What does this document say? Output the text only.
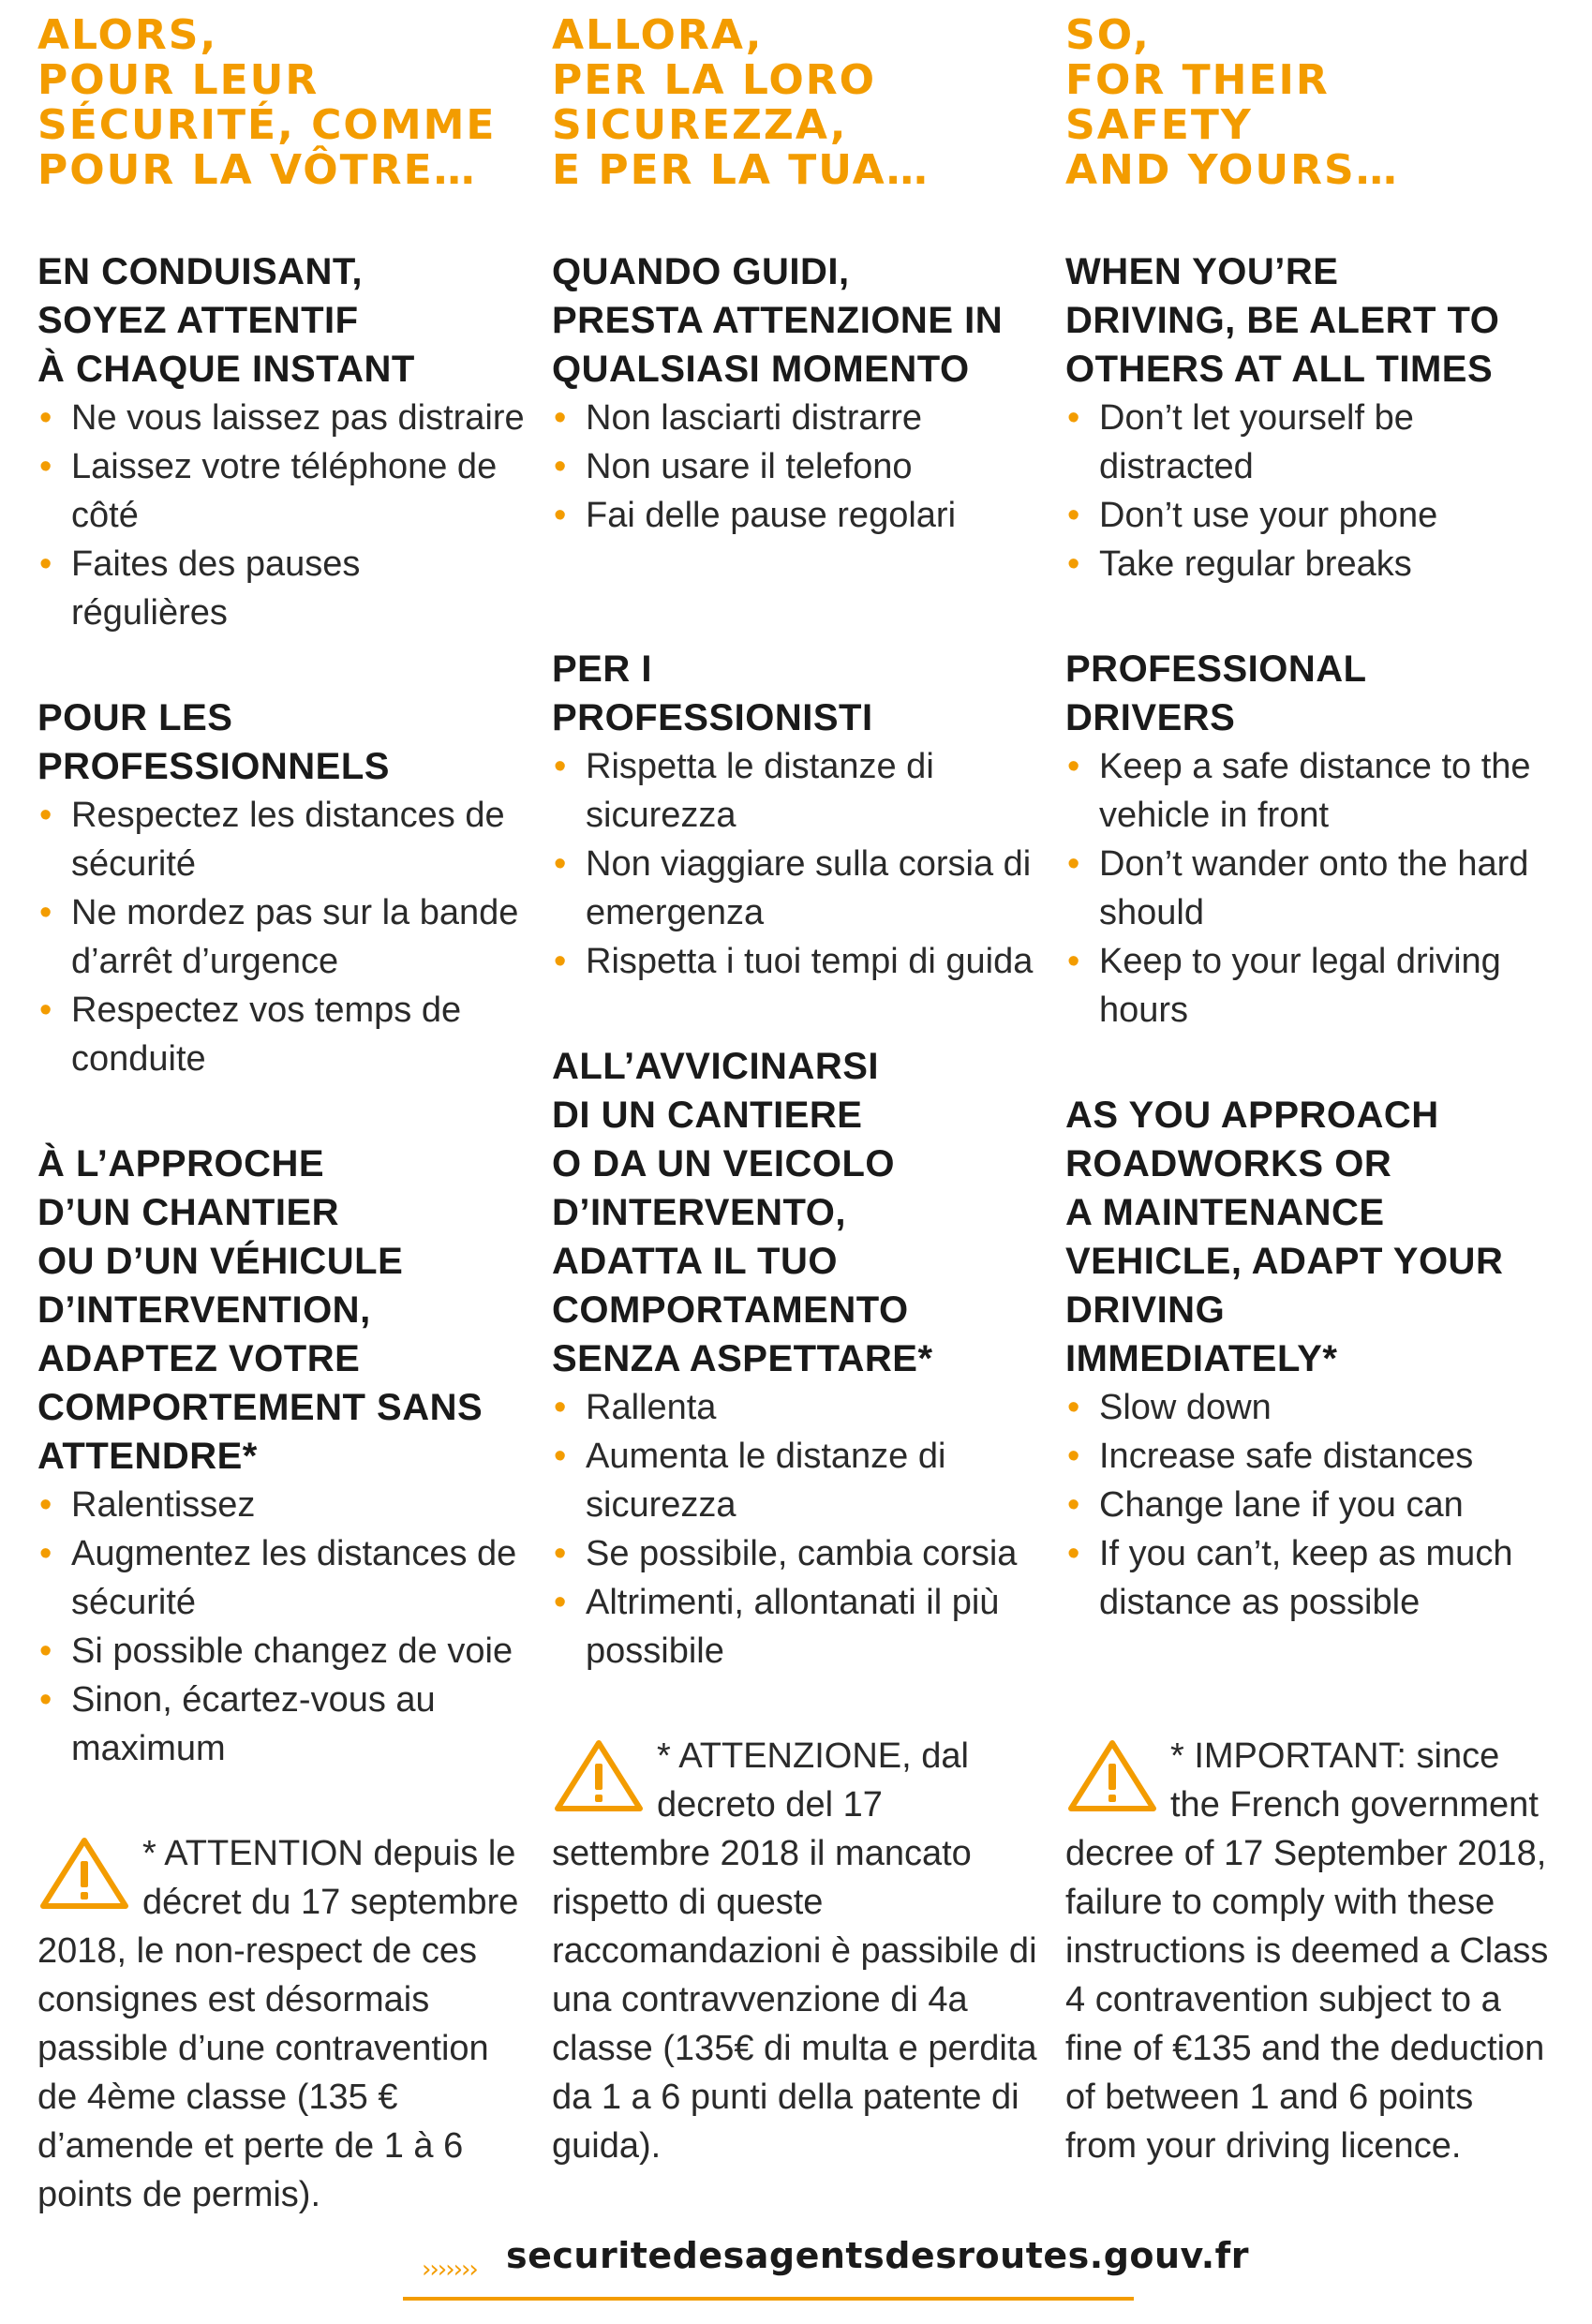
ALORS,
POUR LEUR
SÉCURITÉ, COMME
POUR LA VÔTRE…
EN CONDUISANT,
SOYEZ ATTENTIF
À CHAQUE INSTANT
• Ne vous laissez pas distraire
• Laissez votre téléphone de côté
• Faites des pauses régulières
POUR LES
PROFESSIONNELS
• Respectez les distances de sécurité
• Ne mordez pas sur la bande d’arrêt d’urgence
• Respectez vos temps de conduite
À L’APPROCHE
D’UN CHANTIER
OU D’UN VÉHICULE
D’INTERVENTION,
ADAPTEZ VOTRE
COMPORTEMENT SANS
ATTENDRE*
• Ralentissez
• Augmentez les distances de sécurité
• Si possible changez de voie
• Sinon, écartez-vous au maximum
* ATTENTION depuis le décret du 17 septembre 2018, le non-respect de ces consignes est désormais passible d’une contravention de 4ème classe (135 € d’amende et perte de 1 à 6 points de permis).
ALLORA,
PER LA LORO
SICUREZZA,
E PER LA TUA…
QUANDO GUIDI,
PRESTA ATTENZIONE IN
QUALSIASI MOMENTO
• Non lasciarti distrarre
• Non usare il telefono
• Fai delle pause regolari
PER I
PROFESSIONISTI
• Rispetta le distanze di sicurezza
• Non viaggiare sulla corsia di emergenza
• Rispetta i tuoi tempi di guida
ALL’AVVICINARSI
DI UN CANTIERE
O DA UN VEICOLO
D’INTERVENTO,
ADATTA IL TUO
COMPORTAMENTO
SENZA ASPETTARE*
• Rallenta
• Aumenta le distanze di sicurezza
• Se possibile, cambia corsia
• Altrimenti, allontanati il più possibile
* ATTENZIONE, dal decreto del 17 settembre 2018 il mancato rispetto di queste raccomandazioni è passibile di una contravvenzione di 4a classe (135€ di multa e perdita da 1 a 6 punti della patente di guida).
SO,
FOR THEIR
SAFETY
AND YOURS…
WHEN YOU’RE
DRIVING, BE ALERT TO
OTHERS AT ALL TIMES
• Don’t let yourself be distracted
• Don’t use your phone
• Take regular breaks
PROFESSIONAL
DRIVERS
• Keep a safe distance to the vehicle in front
• Don’t wander onto the hard should
• Keep to your legal driving hours
AS YOU APPROACH
ROADWORKS OR
A MAINTENANCE
VEHICLE, ADAPT YOUR
DRIVING
IMMEDIATELY*
• Slow down
• Increase safe distances
• Change lane if you can
• If you can’t, keep as much distance as possible
* IMPORTANT: since the French government decree of 17 September 2018, failure to comply with these instructions is deemed a Class 4 contravention subject to a fine of €135 and the deduction of between 1 and 6 points from your driving licence.
››››››› securitedesagentsdesroutes.gouv.fr
